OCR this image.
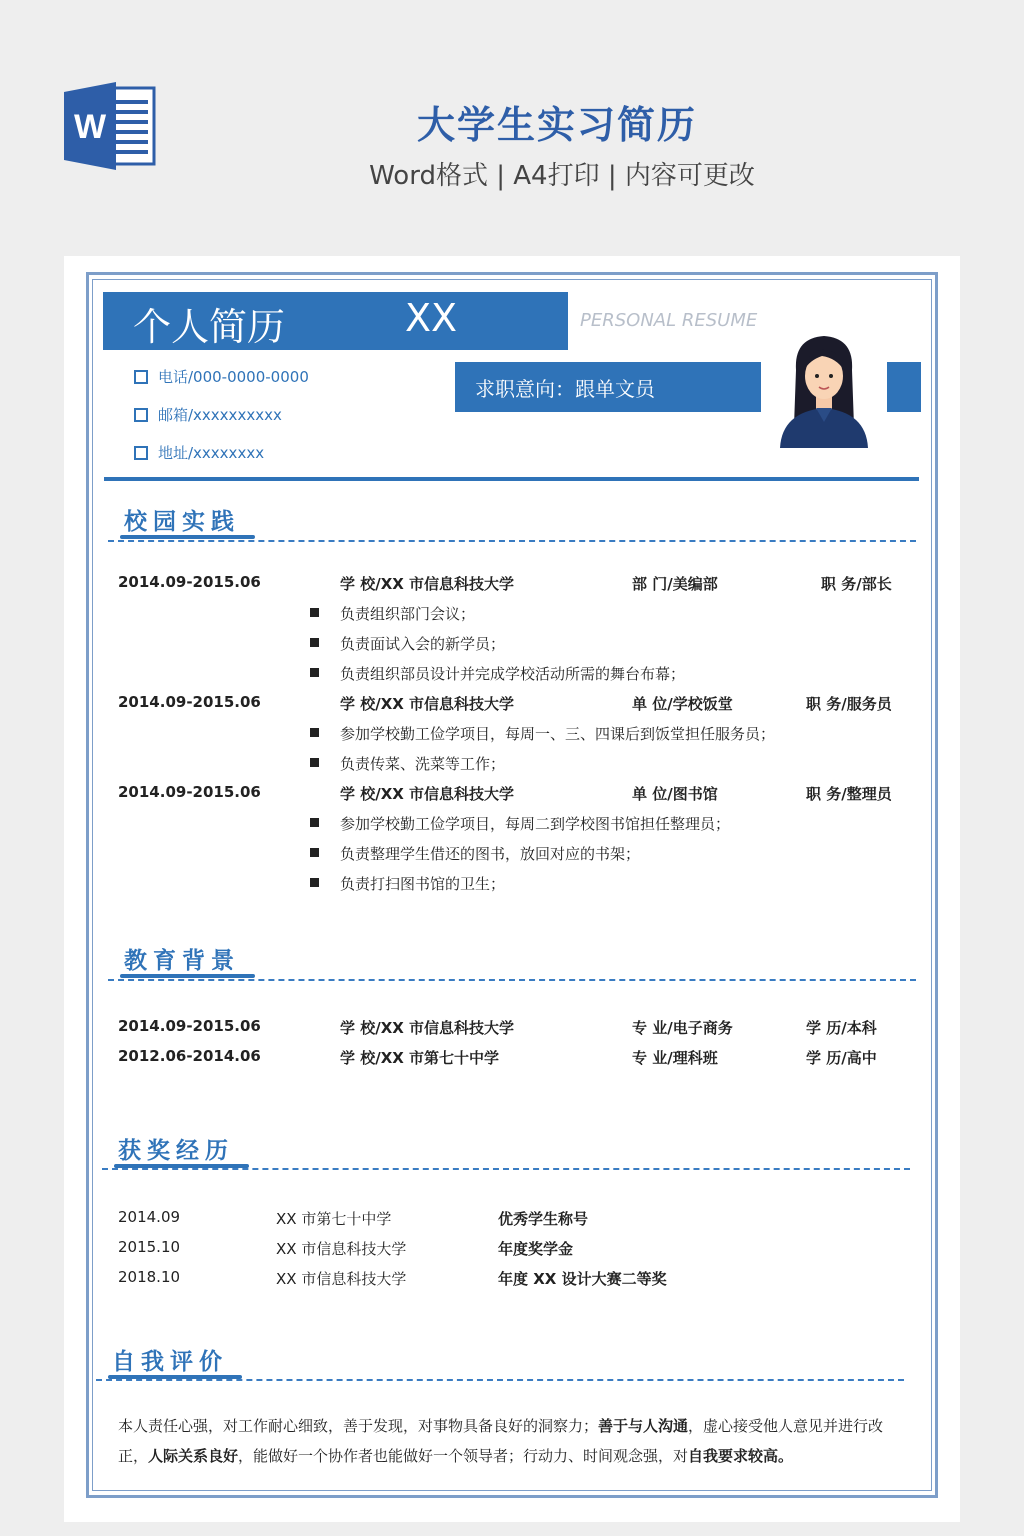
W	大学生实习简历
Word格式 | A4打印 | 内容可更改
个人简历	XX	PERSONAL RESUME
电话/000-0000-0000
邮箱/xxxxxxxxxx
地址/xxxxxxxx
求职意向：跟单文员
校园实践
2014.09-2015.06	学 校/XX 市信息科技大学	部 门/美编部	职 务/部长
负责组织部门会议；
负责面试入会的新学员；
负责组织部员设计并完成学校活动所需的舞台布幕；
2014.09-2015.06	学 校/XX 市信息科技大学	单 位/学校饭堂	职 务/服务员
参加学校勤工俭学项目，每周一、三、四课后到饭堂担任服务员；
负责传菜、洗菜等工作；
2014.09-2015.06	学 校/XX 市信息科技大学	单 位/图书馆	职 务/整理员
参加学校勤工俭学项目，每周二到学校图书馆担任整理员；
负责整理学生借还的图书，放回对应的书架；
负责打扫图书馆的卫生；
教育背景
2014.09-2015.06	学 校/XX 市信息科技大学	专 业/电子商务	学 历/本科
2012.06-2014.06	学 校/XX 市第七十中学	专 业/理科班	学 历/高中
获奖经历
2014.09	XX 市第七十中学	优秀学生称号
2015.10	XX 市信息科技大学	年度奖学金
2018.10	XX 市信息科技大学	年度 XX 设计大赛二等奖
自我评价
本人责任心强，对工作耐心细致，善于发现，对事物具备良好的洞察力；善于与人沟通，虚心接受他人意见并进行改正，人际关系良好，能做好一个协作者也能做好一个领导者；行动力、时间观念强，对自我要求较高。
